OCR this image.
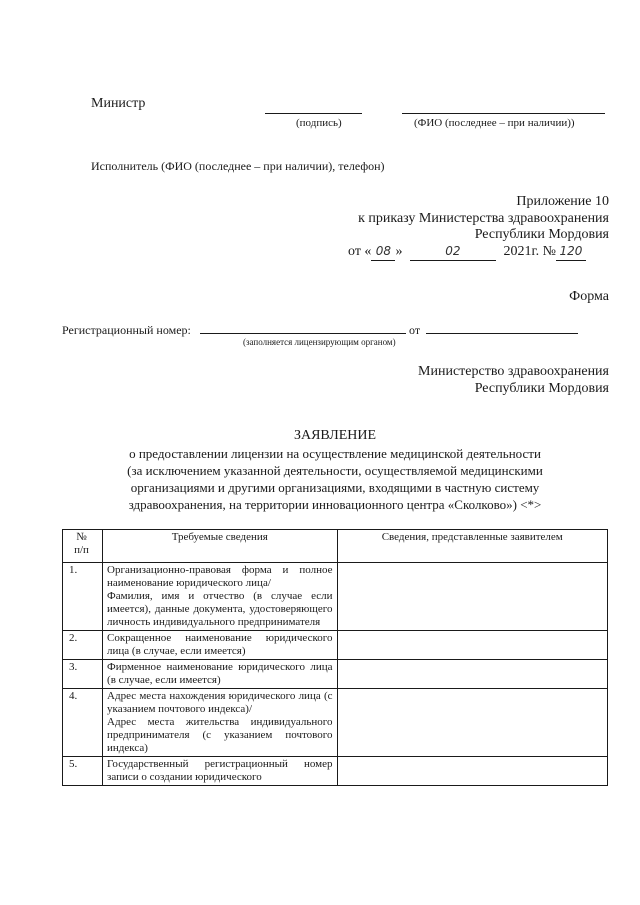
Министр
(подпись)	(ФИО (последнее – при наличии))
Исполнитель (ФИО (последнее – при наличии), телефон)
Приложение 10
к приказу Министерства здравоохранения
Республики Мордовия
от « 08 »	02	2021г. № 120
Форма
Регистрационный номер:	от
(заполняется лицензирующим органом)
Министерство здравоохранения
Республики Мордовия
ЗАЯВЛЕНИЕ
о предоставлении лицензии на осуществление медицинской деятельности
(за исключением указанной деятельности, осуществляемой медицинскими
организациями и другими организациями, входящими в частную систему
здравоохранения, на территории инновационного центра «Сколково») <*>
№
п/п	Требуемые сведения	Сведения, представленные заявителем
1.	Организационно-правовая форма и полное наименование юридического лица/
Фамилия, имя и отчество (в случае если имеется), данные документа, удостоверяющего личность индивидуального предпринимателя	
2.	Сокращенное наименование юридического лица (в случае, если имеется)	
3.	Фирменное наименование юридического лица (в случае, если имеется)	
4.	Адрес места нахождения юридического лица (с указанием почтового индекса)/
Адрес места жительства индивидуального предпринимателя (с указанием почтового индекса)	
5.	Государственный регистрационный номер записи о создании юридического	
